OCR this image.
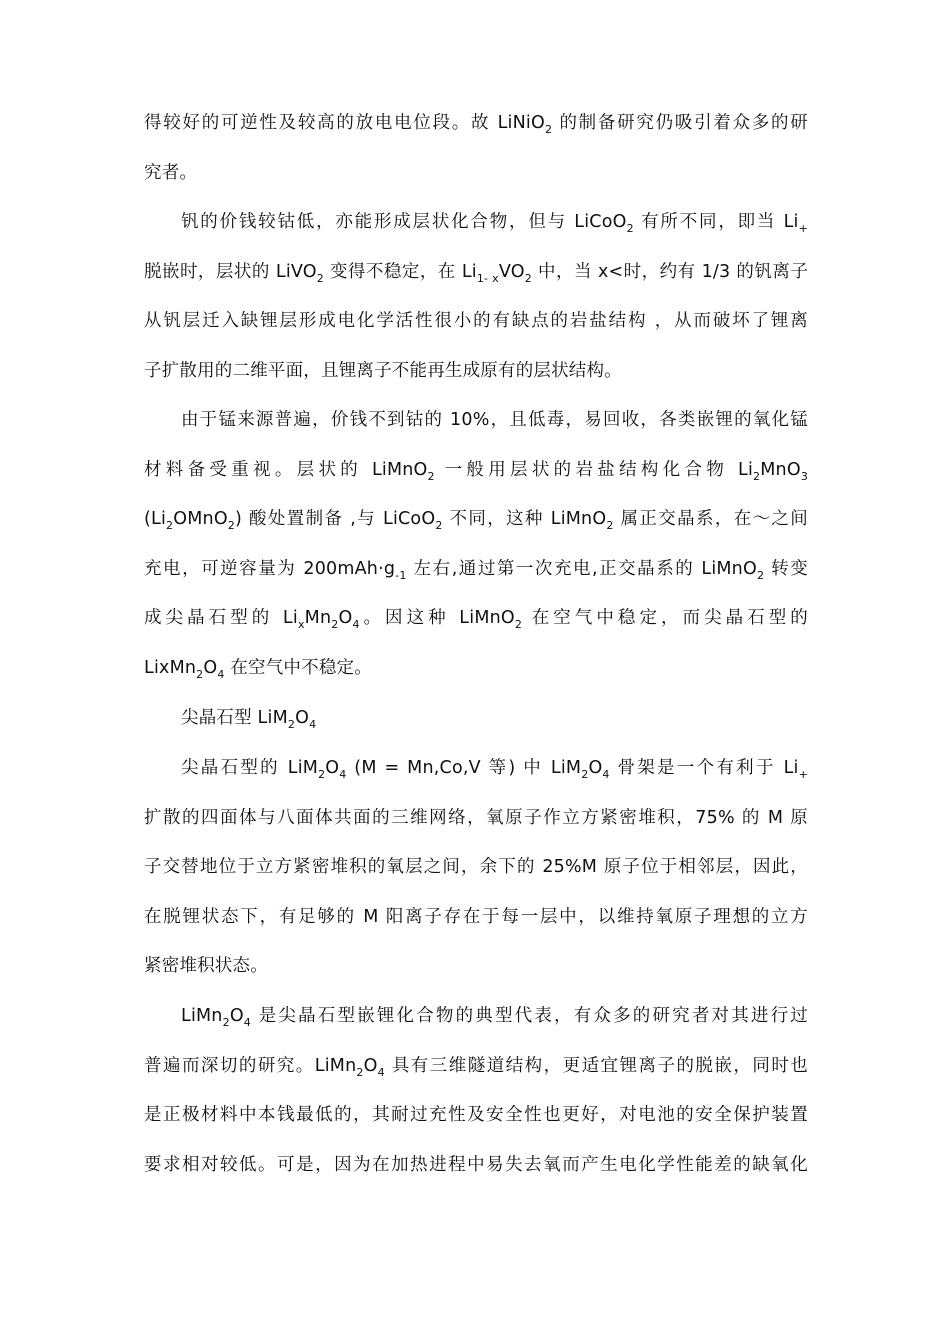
得较好的可逆性及较高的放电电位段。故 LiNiO$_2$ 的制备研究仍吸引着众多的研
究者。
钒的价钱较钴低，亦能形成层状化合物，但与 LiCoO$_2$ 有所不同，即当 $Li_+$
脱嵌时，层状的 LiVO$_2$ 变得不稳定，在 $Li_{1- x}VO_2$ 中，当 x<时，约有 1/3 的钒离子
从钒层迁入缺锂层形成电化学活性很小的有缺点的岩盐结构 ，从而破坏了锂离
子扩散用的二维平面，且锂离子不能再生成原有的层状结构。
由于锰来源普遍，价钱不到钴的 10%，且低毒，易回收，各类嵌锂的氧化锰
材料备受重视。层状的 LiMnO$_2$ 一般用层状的岩盐结构化合物 $Li_2MnO_3$
$(Li_2OMnO_2)$ 酸处置制备 ,与 LiCoO$_2$ 不同，这种 LiMnO$_2$ 属正交晶系，在～之间
充电，可逆容量为 $200mAh\cdot g_{-1}$ 左右,通过第一次充电,正交晶系的 LiMnO$_2$ 转变
成尖晶石型的 $Li_xMn_2O_4$。因这种 LiMnO$_2$ 在空气中稳定，而尖晶石型的
$LixMn_2O_4$ 在空气中不稳定。
尖晶石型 $LiM_2O_4$
尖晶石型的 $LiM_2O_4$ (M = Mn,Co,V 等) 中 $LiM_2O_4$ 骨架是一个有利于 $Li_+$
扩散的四面体与八面体共面的三维网络，氧原子作立方紧密堆积，75% 的 M 原
子交替地位于立方紧密堆积的氧层之间，余下的 25%M 原子位于相邻层，因此，
在脱锂状态下，有足够的 M 阳离子存在于每一层中，以维持氧原子理想的立方
紧密堆积状态。
$LiMn_2O_4$ 是尖晶石型嵌锂化合物的典型代表，有众多的研究者对其进行过
普遍而深切的研究。$LiMn_2O_4$ 具有三维隧道结构，更适宜锂离子的脱嵌，同时也
是正极材料中本钱最低的，其耐过充性及安全性也更好，对电池的安全保护装置
要求相对较低。可是，因为在加热进程中易失去氧而产生电化学性能差的缺氧化
